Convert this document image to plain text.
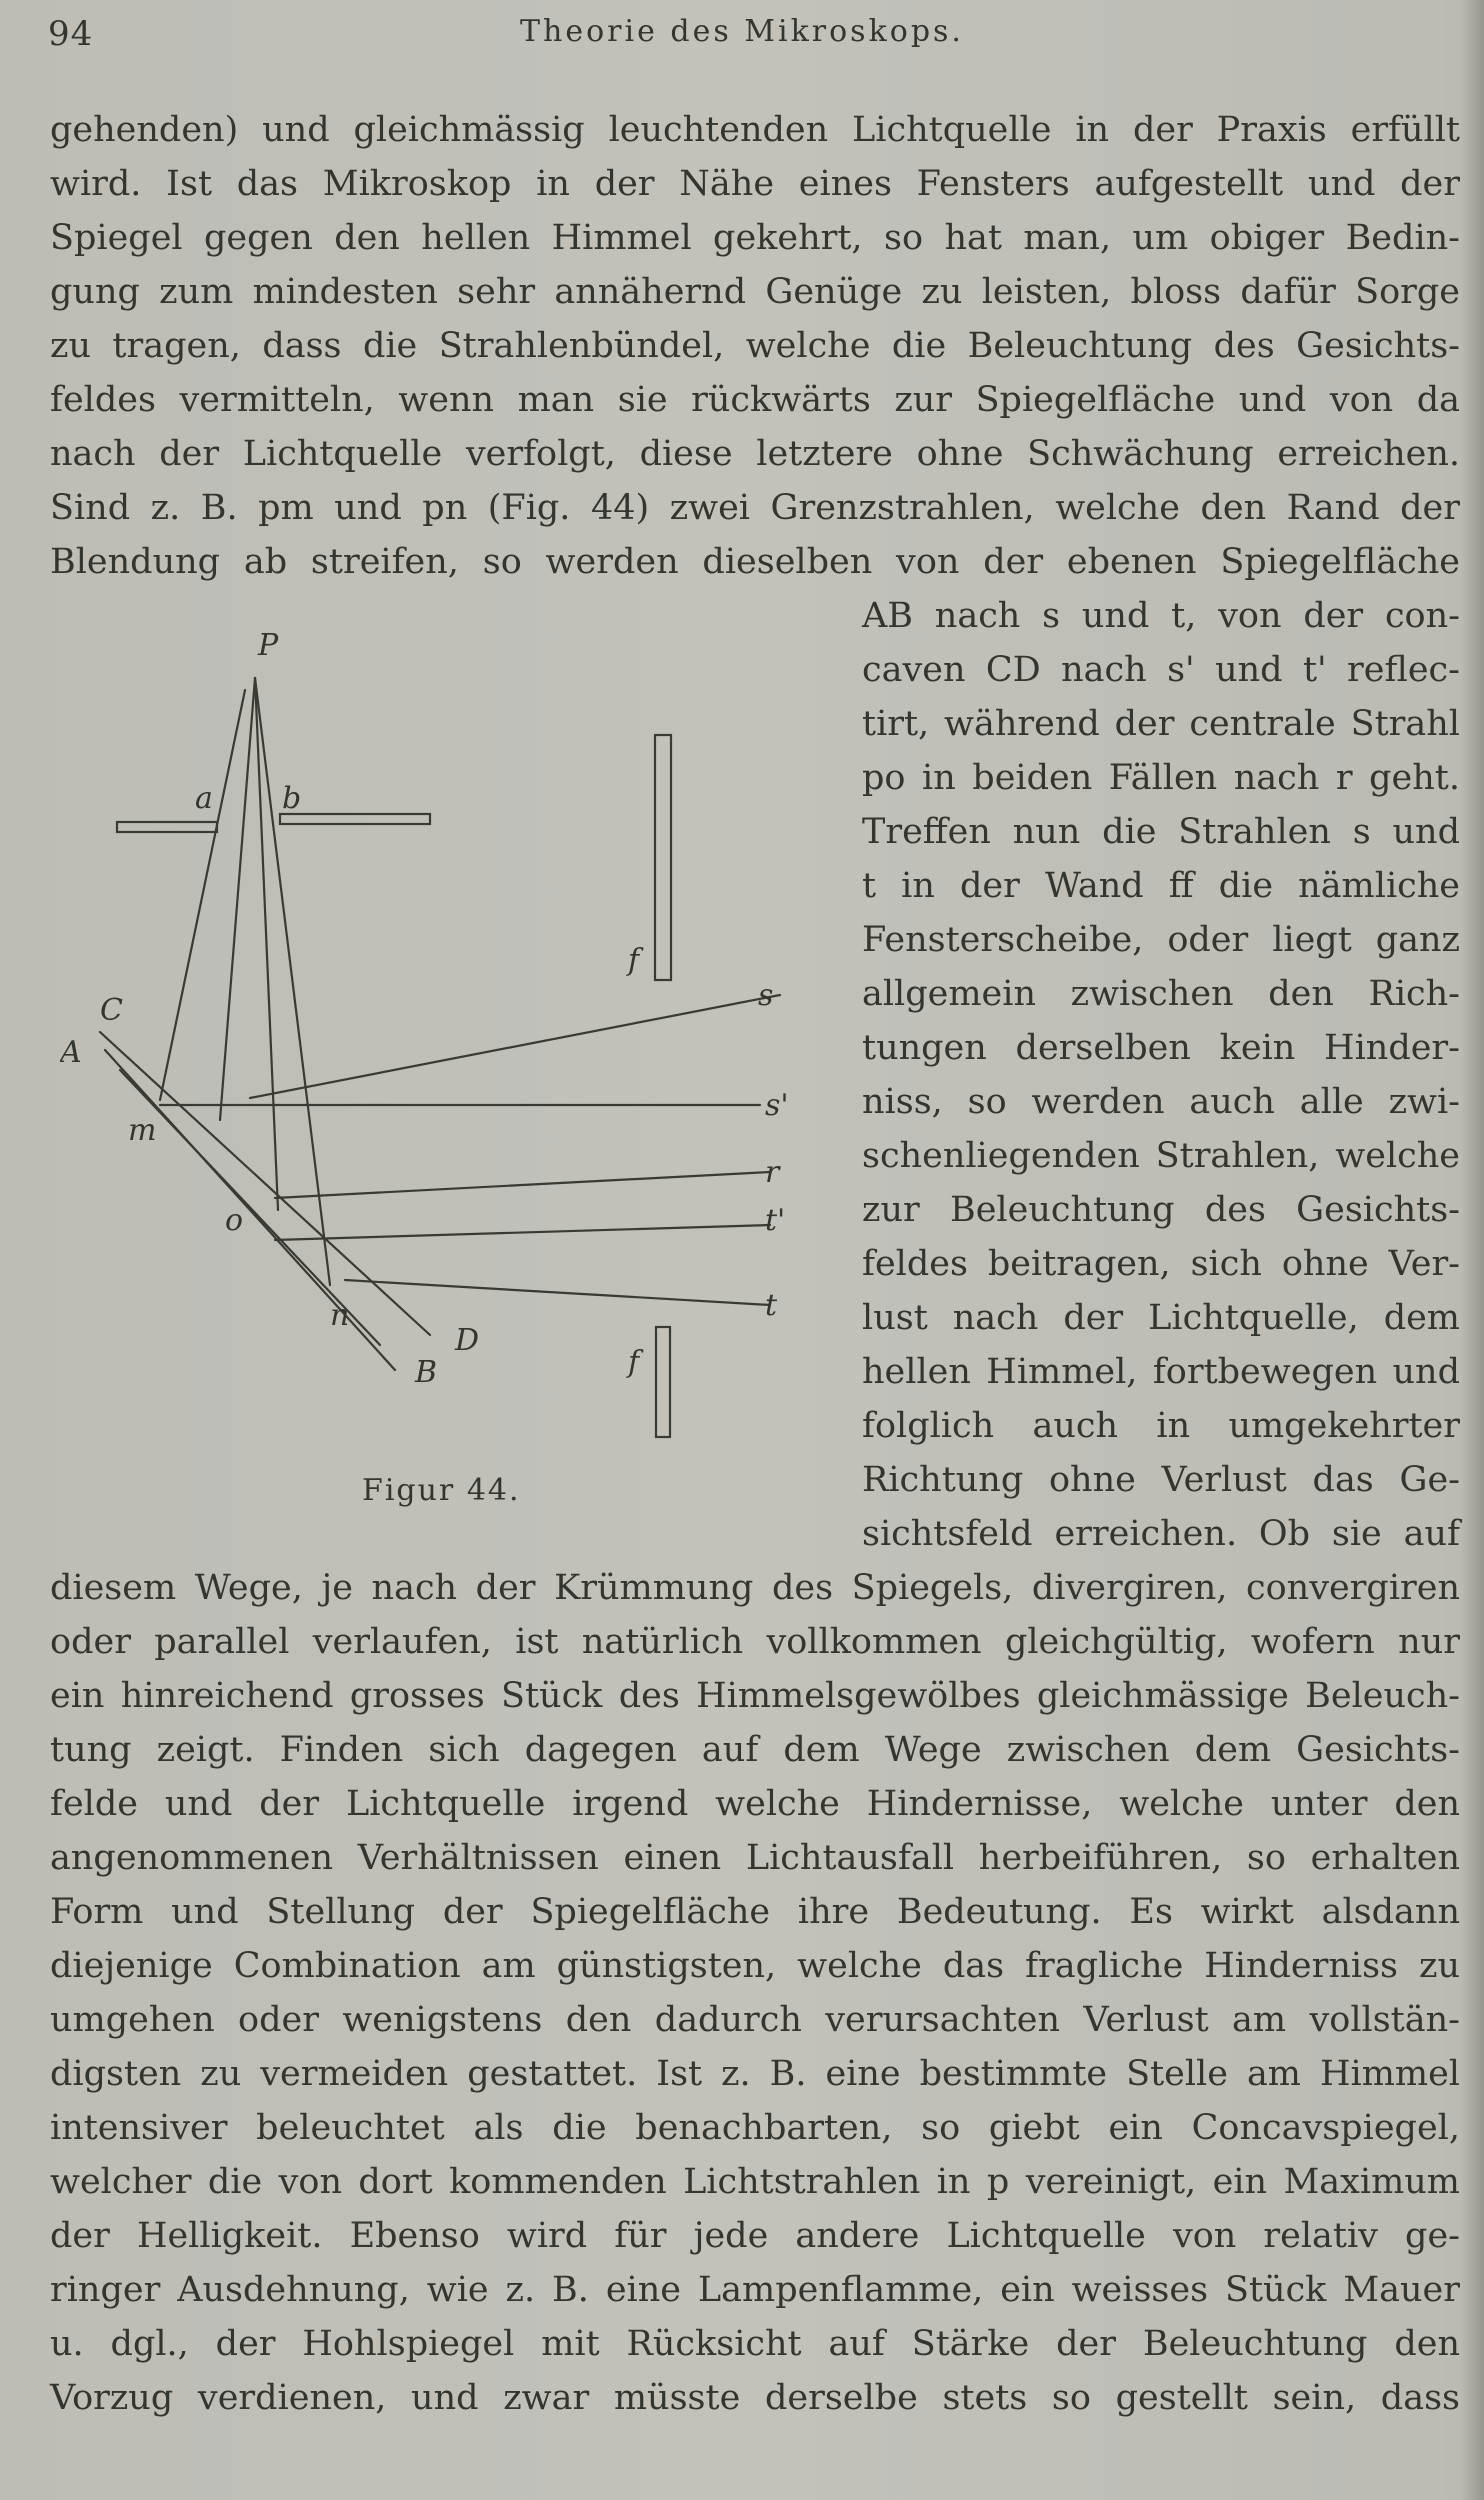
94	Theorie des Mikroskops.
gehenden) und gleichmässig leuchtenden Lichtquelle in der Praxis erfüllt
wird. Ist das Mikroskop in der Nähe eines Fensters aufgestellt und der
Spiegel gegen den hellen Himmel gekehrt, so hat man, um obiger Bedin-
gung zum mindesten sehr annähernd Genüge zu leisten, bloss dafür Sorge
zu tragen, dass die Strahlenbündel, welche die Beleuchtung des Gesichts-
feldes vermitteln, wenn man sie rückwärts zur Spiegelfläche und von da
nach der Lichtquelle verfolgt, diese letztere ohne Schwächung erreichen.
Sind z. B. pm und pn (Fig. 44) zwei Grenzstrahlen, welche den Rand der
Blendung ab streifen, so werden dieselben von der ebenen Spiegelfläche
P
a b
C
A
m
o
n
D
B
f
f
s
s'
r
t'
t
Figur 44.
AB nach s und t, von der con-
caven CD nach s' und t' reflec-
tirt, während der centrale Strahl
po in beiden Fällen nach r geht.
Treffen nun die Strahlen s und
t in der Wand ff die nämliche
Fensterscheibe, oder liegt ganz
allgemein zwischen den Rich-
tungen derselben kein Hinder-
niss, so werden auch alle zwi-
schenliegenden Strahlen, welche
zur Beleuchtung des Gesichts-
feldes beitragen, sich ohne Ver-
lust nach der Lichtquelle, dem
hellen Himmel, fortbewegen und
folglich auch in umgekehrter
Richtung ohne Verlust das Ge-
sichtsfeld erreichen. Ob sie auf
diesem Wege, je nach der Krümmung des Spiegels, divergiren, convergiren
oder parallel verlaufen, ist natürlich vollkommen gleichgültig, wofern nur
ein hinreichend grosses Stück des Himmelsgewölbes gleichmässige Beleuch-
tung zeigt. Finden sich dagegen auf dem Wege zwischen dem Gesichts-
felde und der Lichtquelle irgend welche Hindernisse, welche unter den
angenommenen Verhältnissen einen Lichtausfall herbeiführen, so erhalten
Form und Stellung der Spiegelfläche ihre Bedeutung. Es wirkt alsdann
diejenige Combination am günstigsten, welche das fragliche Hinderniss zu
umgehen oder wenigstens den dadurch verursachten Verlust am vollstän-
digsten zu vermeiden gestattet. Ist z. B. eine bestimmte Stelle am Himmel
intensiver beleuchtet als die benachbarten, so giebt ein Concavspiegel,
welcher die von dort kommenden Lichtstrahlen in p vereinigt, ein Maximum
der Helligkeit. Ebenso wird für jede andere Lichtquelle von relativ ge-
ringer Ausdehnung, wie z. B. eine Lampenflamme, ein weisses Stück Mauer
u. dgl., der Hohlspiegel mit Rücksicht auf Stärke der Beleuchtung den
Vorzug verdienen, und zwar müsste derselbe stets so gestellt sein, dass
